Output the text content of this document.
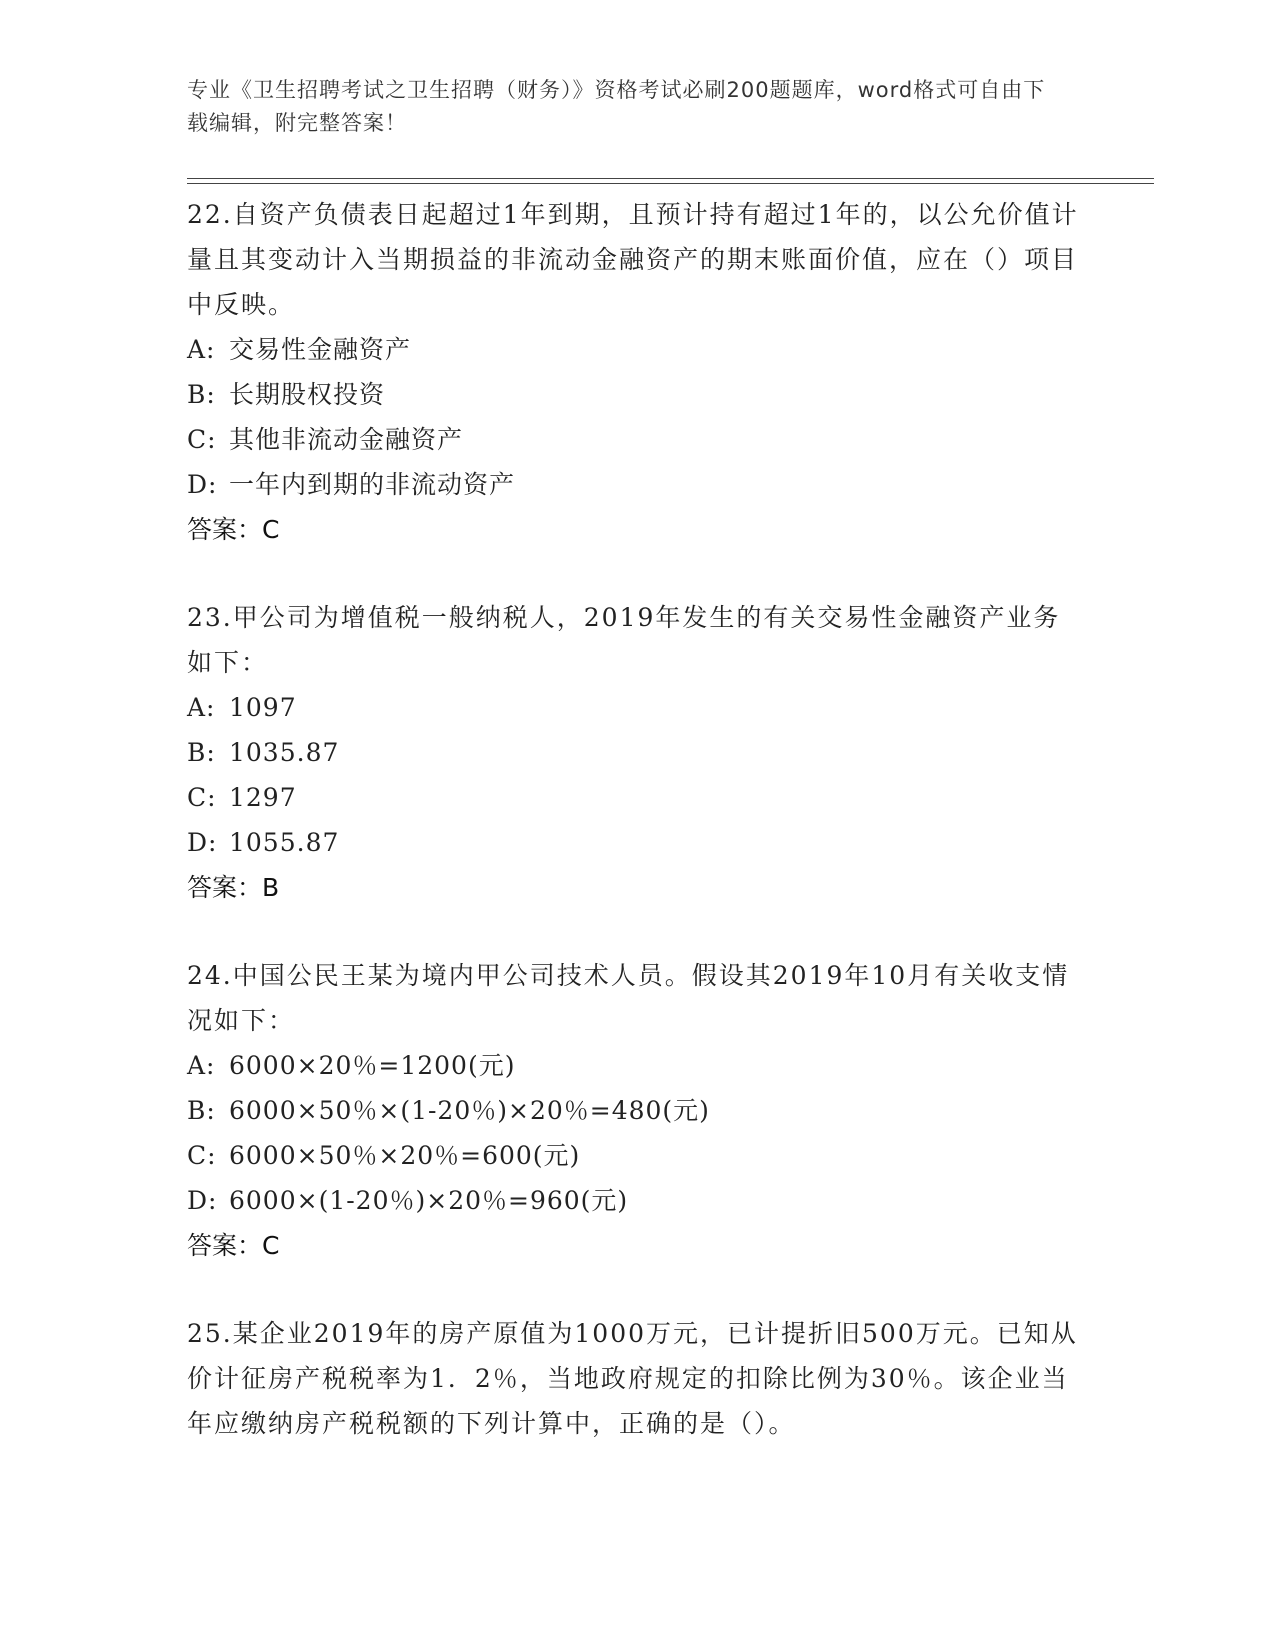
专业《卫生招聘考试之卫生招聘（财务）》资格考试必刷200题题库，word格式可自由下载编辑，附完整答案！
22.自资产负债表日起超过1年到期，且预计持有超过1年的，以公允价值计量且其变动计入当期损益的非流动金融资产的期末账面价值，应在（）项目中反映。
A: 交易性金融资产
B: 长期股权投资
C: 其他非流动金融资产
D: 一年内到期的非流动资产
答案：C
23.甲公司为增值税一般纳税人，2019年发生的有关交易性金融资产业务如下：
A: 1097
B: 1035.87
C: 1297
D: 1055.87
答案：B
24.中国公民王某为境内甲公司技术人员。假设其2019年10月有关收支情况如下：
A: 6000×20％=1200(元)
B: 6000×50％×(1-20％)×20％=480(元)
C: 6000×50％×20％=600(元)
D: 6000×(1-20％)×20％=960(元)
答案：C
25.某企业2019年的房产原值为1000万元，已计提折旧500万元。已知从价计征房产税税率为1．2％，当地政府规定的扣除比例为30％。该企业当年应缴纳房产税税额的下列计算中，正确的是（）。
